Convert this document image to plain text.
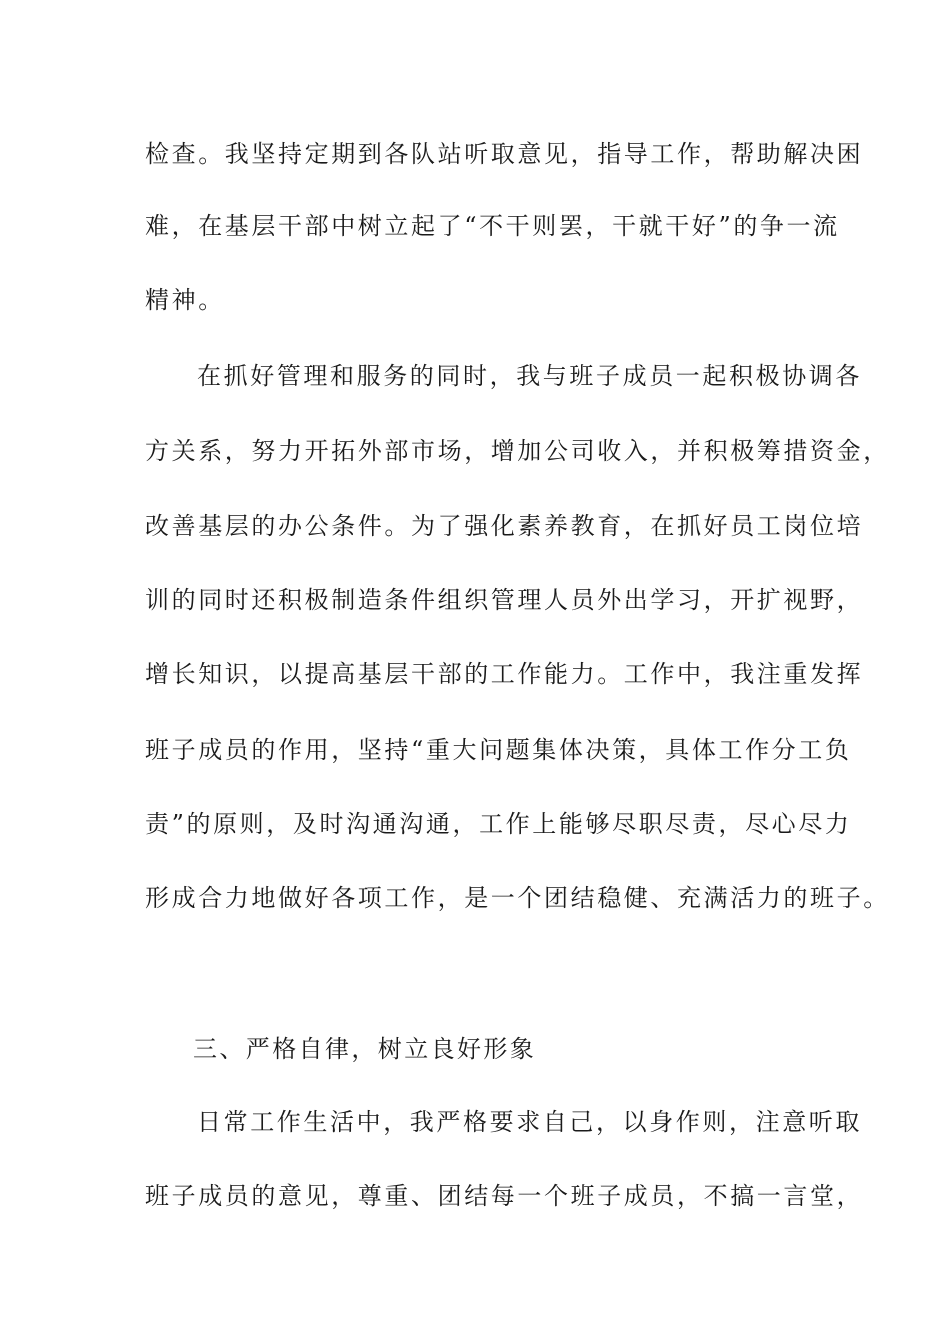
检查。我坚持定期到各队站听取意见，指导工作，帮助解决困
难，在基层干部中树立起了“不干则罢，干就干好”的争一流
精神。
在抓好管理和服务的同时，我与班子成员一起积极协调各
方关系，努力开拓外部市场，增加公司收入，并积极筹措资金，
改善基层的办公条件。为了强化素养教育，在抓好员工岗位培
训的同时还积极制造条件组织管理人员外出学习，开扩视野，
增长知识，以提高基层干部的工作能力。工作中，我注重发挥
班子成员的作用，坚持“重大问题集体决策，具体工作分工负
责”的原则，及时沟通沟通，工作上能够尽职尽责，尽心尽力
形成合力地做好各项工作，是一个团结稳健、充满活力的班子。
三、严格自律，树立良好形象
日常工作生活中，我严格要求自己，以身作则，注意听取
班子成员的意见，尊重、团结每一个班子成员，不搞一言堂，
